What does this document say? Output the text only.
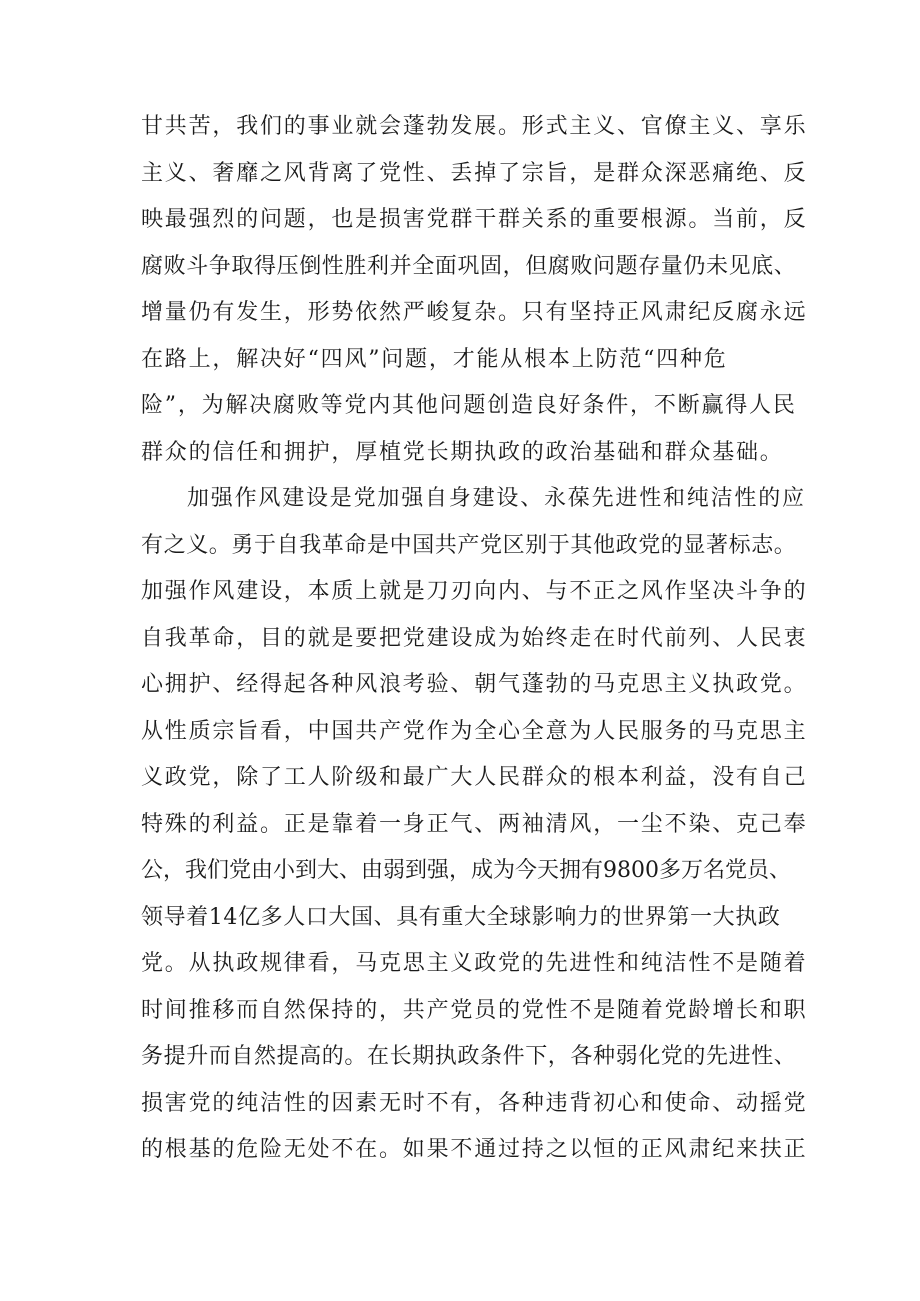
甘共苦，我们的事业就会蓬勃发展。形式主义、官僚主义、享乐
主义、奢靡之风背离了党性、丢掉了宗旨，是群众深恶痛绝、反
映最强烈的问题，也是损害党群干群关系的重要根源。当前，反
腐败斗争取得压倒性胜利并全面巩固，但腐败问题存量仍未见底、
增量仍有发生，形势依然严峻复杂。只有坚持正风肃纪反腐永远
在路上，解决好“四风”问题，才能从根本上防范“四种危
险”，为解决腐败等党内其他问题创造良好条件，不断赢得人民
群众的信任和拥护，厚植党长期执政的政治基础和群众基础。
加强作风建设是党加强自身建设、永葆先进性和纯洁性的应
有之义。勇于自我革命是中国共产党区别于其他政党的显著标志。
加强作风建设，本质上就是刀刃向内、与不正之风作坚决斗争的
自我革命，目的就是要把党建设成为始终走在时代前列、人民衷
心拥护、经得起各种风浪考验、朝气蓬勃的马克思主义执政党。
从性质宗旨看，中国共产党作为全心全意为人民服务的马克思主
义政党，除了工人阶级和最广大人民群众的根本利益，没有自己
特殊的利益。正是靠着一身正气、两袖清风，一尘不染、克己奉
公，我们党由小到大、由弱到强，成为今天拥有9800多万名党员、
领导着14亿多人口大国、具有重大全球影响力的世界第一大执政
党。从执政规律看，马克思主义政党的先进性和纯洁性不是随着
时间推移而自然保持的，共产党员的党性不是随着党龄增长和职
务提升而自然提高的。在长期执政条件下，各种弱化党的先进性、
损害党的纯洁性的因素无时不有，各种违背初心和使命、动摇党
的根基的危险无处不在。如果不通过持之以恒的正风肃纪来扶正
